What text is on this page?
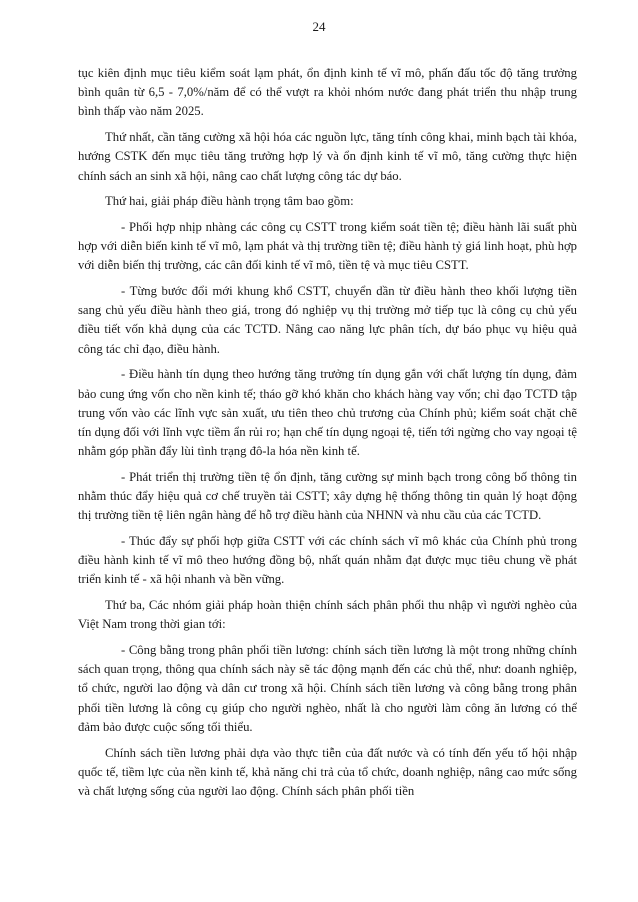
24

tục kiên định mục tiêu kiểm soát lạm phát, ổn định kinh tế vĩ mô, phấn đấu tốc độ tăng trưởng bình quân từ 6,5 - 7,0%/năm để có thể vượt ra khỏi nhóm nước đang phát triển thu nhập trung bình thấp vào năm 2025.

Thứ nhất, cần tăng cường xã hội hóa các nguồn lực, tăng tính công khai, minh bạch tài khóa, hướng CSTK đến mục tiêu tăng trưởng hợp lý và ổn định kinh tế vĩ mô, tăng cường thực hiện chính sách an sinh xã hội, nâng cao chất lượng công tác dự báo.

Thứ hai, giải pháp điều hành trọng tâm bao gồm:

- Phối hợp nhịp nhàng các công cụ CSTT trong kiểm soát tiền tệ; điều hành lãi suất phù hợp với diễn biến kinh tế vĩ mô, lạm phát và thị trường tiền tệ; điều hành tỷ giá linh hoạt, phù hợp với diễn biến thị trường, các cân đối kinh tế vĩ mô, tiền tệ và mục tiêu CSTT.

- Từng bước đổi mới khung khổ CSTT, chuyển dần từ điều hành theo khối lượng tiền sang chủ yếu điều hành theo giá, trong đó nghiệp vụ thị trường mở tiếp tục là công cụ chủ yếu điều tiết vốn khả dụng của các TCTD. Nâng cao năng lực phân tích, dự báo phục vụ hiệu quả công tác chỉ đạo, điều hành.

- Điều hành tín dụng theo hướng tăng trưởng tín dụng gắn với chất lượng tín dụng, đảm bảo cung ứng vốn cho nền kinh tế; tháo gỡ khó khăn cho khách hàng vay vốn; chỉ đạo TCTD tập trung vốn vào các lĩnh vực sản xuất, ưu tiên theo chủ trương của Chính phủ; kiểm soát chặt chẽ tín dụng đối với lĩnh vực tiềm ẩn rủi ro; hạn chế tín dụng ngoại tệ, tiến tới ngừng cho vay ngoại tệ nhằm góp phần đẩy lùi tình trạng đô-la hóa nền kinh tế.

- Phát triển thị trường tiền tệ ổn định, tăng cường sự minh bạch trong công bố thông tin nhằm thúc đẩy hiệu quả cơ chế truyền tải CSTT; xây dựng hệ thống thông tin quản lý hoạt động thị trường tiền tệ liên ngân hàng để hỗ trợ điều hành của NHNN và nhu cầu của các TCTD.

- Thúc đẩy sự phối hợp giữa CSTT với các chính sách vĩ mô khác của Chính phủ trong điều hành kinh tế vĩ mô theo hướng đồng bộ, nhất quán nhằm đạt được mục tiêu chung về phát triển kinh tế - xã hội nhanh và bền vững.

Thứ ba, Các nhóm giải pháp hoàn thiện chính sách phân phối thu nhập vì người nghèo của Việt Nam trong thời gian tới:

- Công bằng trong phân phối tiền lương: chính sách tiền lương là một trong những chính sách quan trọng, thông qua chính sách này sẽ tác động mạnh đến các chủ thể, như: doanh nghiệp, tổ chức, người lao động và dân cư trong xã hội. Chính sách tiền lương và công bằng trong phân phối tiền lương là công cụ giúp cho người nghèo, nhất là cho người làm công ăn lương có thể đảm bảo được cuộc sống tối thiểu.

Chính sách tiền lương phải dựa vào thực tiễn của đất nước và có tính đến yếu tố hội nhập quốc tế, tiềm lực của nền kinh tế, khả năng chi trả của tổ chức, doanh nghiệp, nâng cao mức sống và chất lượng sống của người lao động. Chính sách phân phối tiền
